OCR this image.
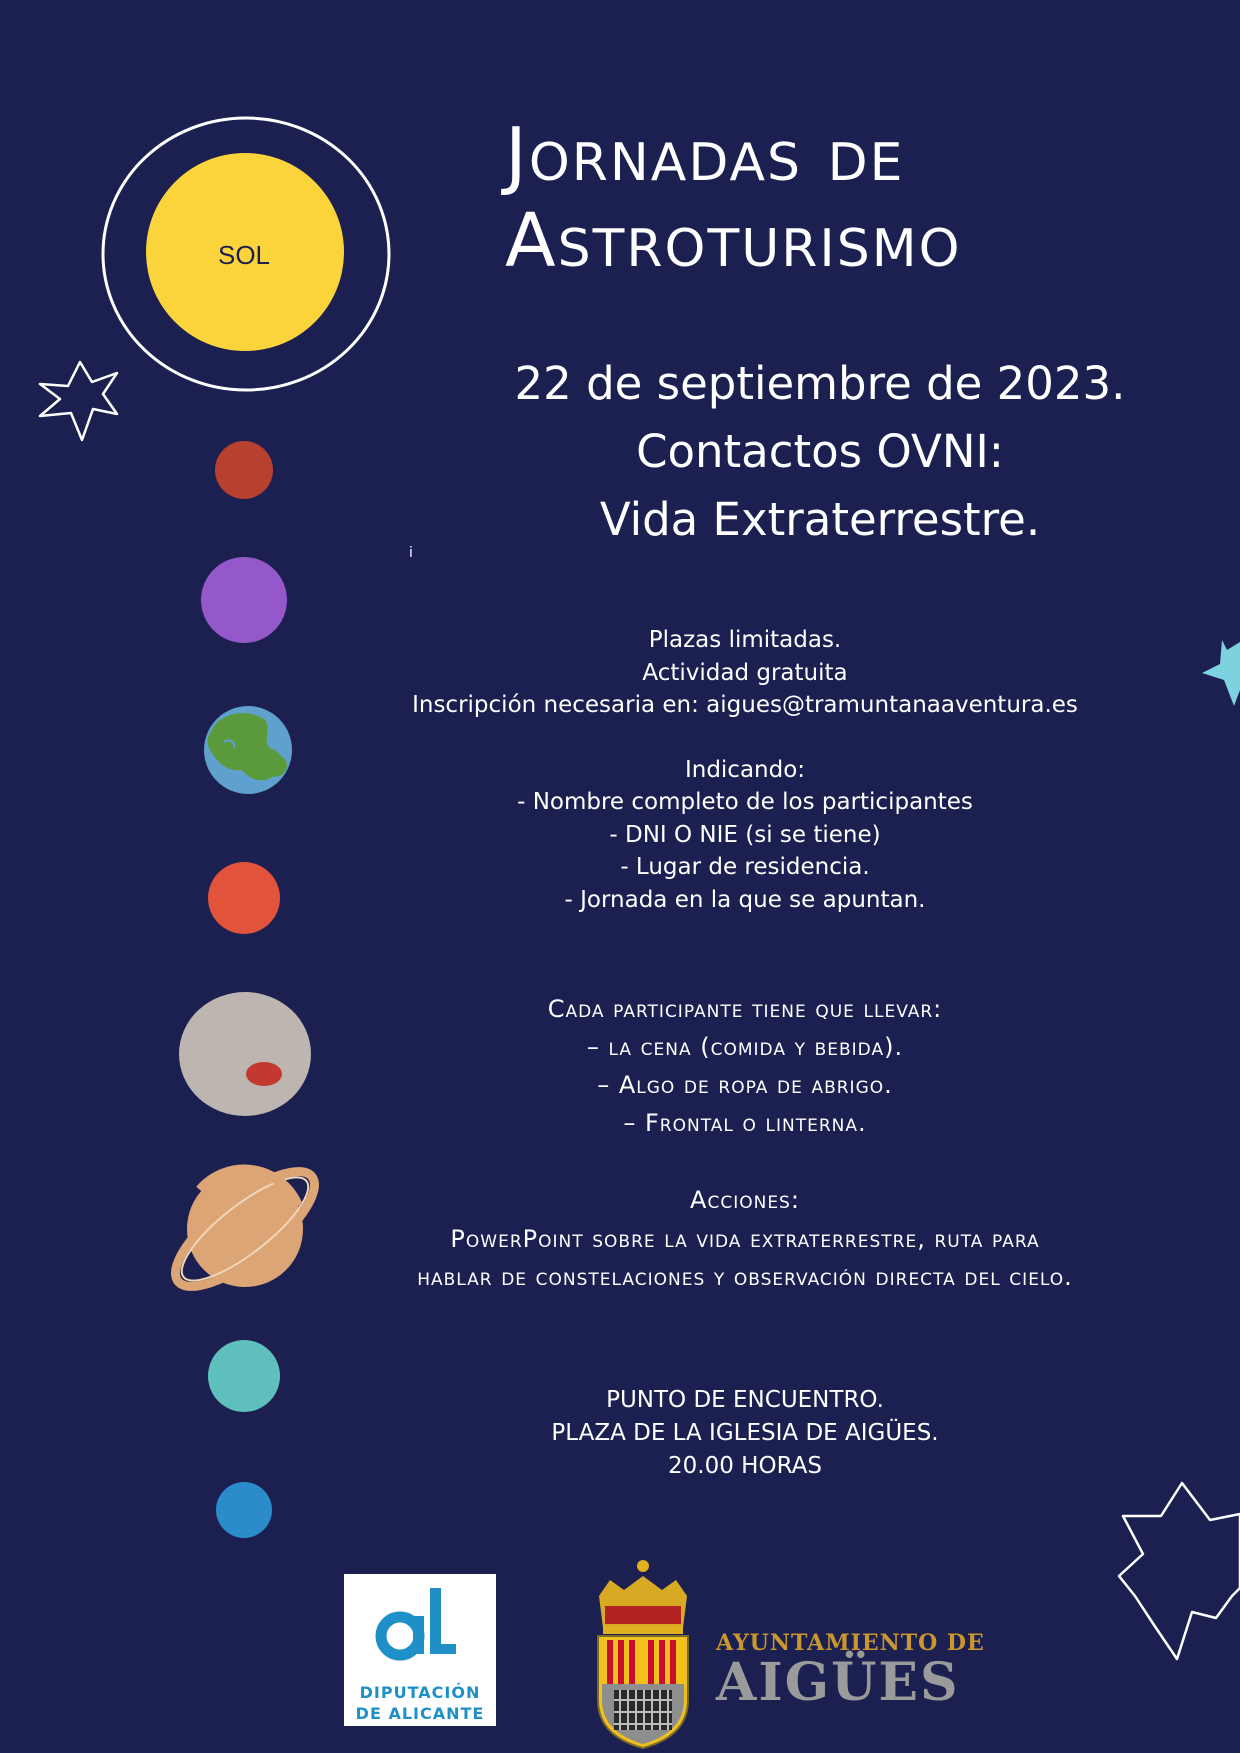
SOL
Jornadas de
Astroturismo
22 de septiembre de 2023.
Contactos OVNI:
Vida Extraterrestre.
i
Plazas limitadas.
Actividad gratuita
Inscripción necesaria en: aigues@tramuntanaaventura.es
Indicando:
- Nombre completo de los participantes
- DNI O NIE (si se tiene)
- Lugar de residencia.
- Jornada en la que se apuntan.
Cada participante tiene que llevar:
– la cena (comida y bebida).
– Algo de ropa de abrigo.
– Frontal o linterna.
Acciones:
PowerPoint sobre la vida extraterrestre, ruta para
hablar de constelaciones y observación directa del cielo.
PUNTO DE ENCUENTRO.
PLAZA DE LA IGLESIA DE AIGÜES.
20.00 HORAS
DIPUTACIÓN
DE ALICANTE
AYUNTAMIENTO DE
AIGÜES
